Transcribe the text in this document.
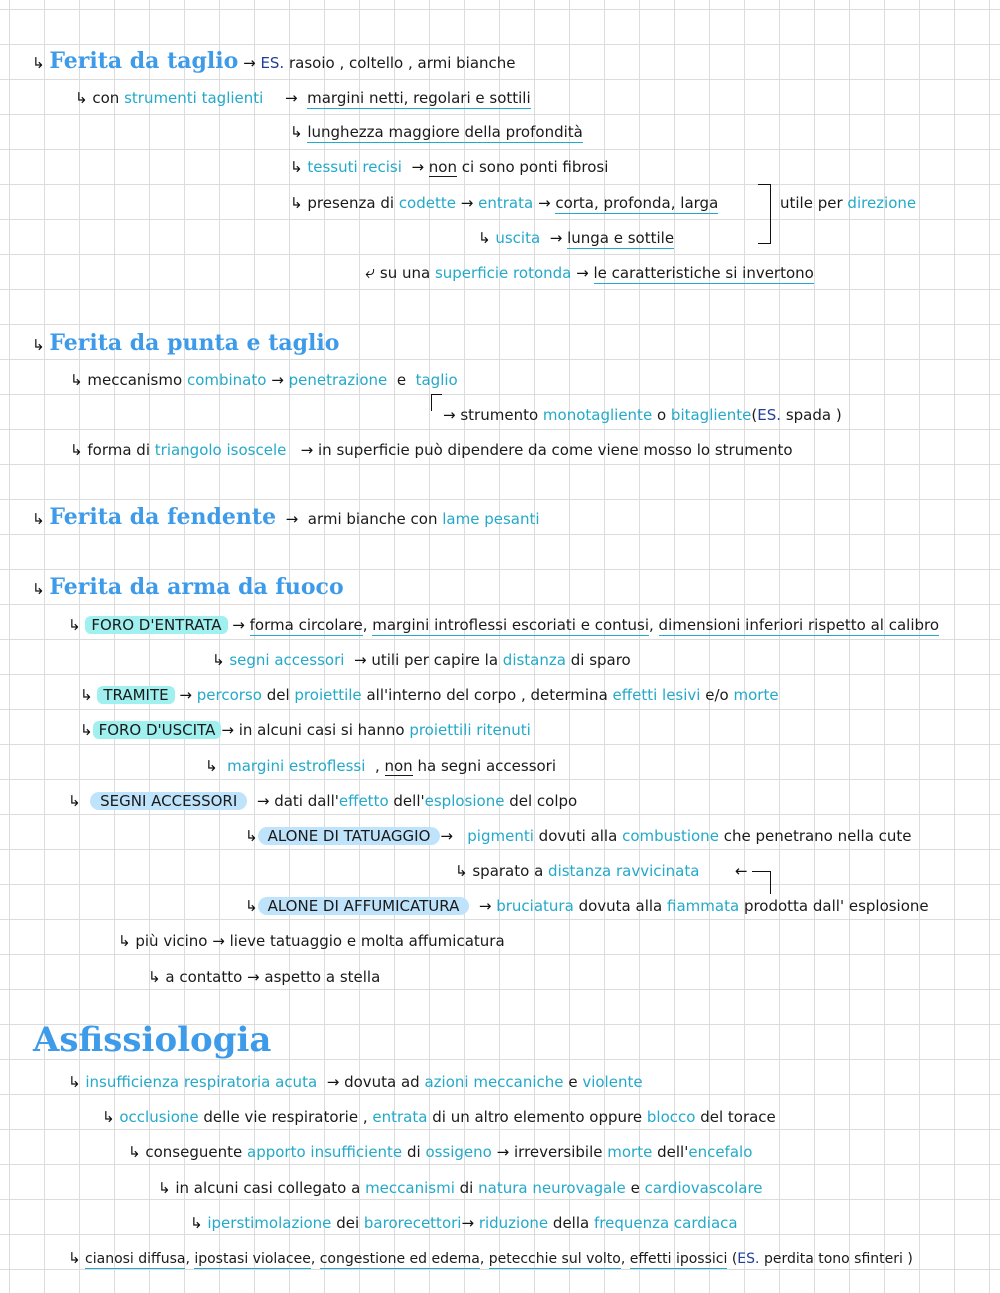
↳ Ferita da taglio → ES. rasoio , coltello , armi bianche
↳ con strumenti taglienti → margini netti, regolari e sottili
↳ lunghezza maggiore della profondità
↳ tessuti recisi → non ci sono ponti fibrosi
↳ presenza di codette → entrata → corta, profonda, larga
↳ uscita → lunga e sottile
utile per direzione
⤶ su una superficie rotonda → le caratteristiche si invertono
↳ Ferita da punta e taglio
↳ meccanismo combinato → penetrazione e taglio
→ strumento monotagliente o bitagliente(ES. spada )
↳ forma di triangolo isoscele → in superficie può dipendere da come viene mosso lo strumento
↳ Ferita da fendente → armi bianche con lame pesanti
↳ Ferita da arma da fuoco
↳ FORO D'ENTRATA → forma circolare, margini introflessi escoriati e contusi, dimensioni inferiori rispetto al calibro
↳ segni accessori → utili per capire la distanza di sparo
↳ TRAMITE → percorso del proiettile all'interno del corpo , determina effetti lesivi e/o morte
↳ FORO D'USCITA → in alcuni casi si hanno proiettili ritenuti
↳ margini estroflessi , non ha segni accessori
↳ SEGNI ACCESSORI → dati dall'effetto dell'esplosione del colpo
↳ ALONE DI TATUAGGIO → pigmenti dovuti alla combustione che penetrano nella cute
↳ sparato a distanza ravvicinata ←
↳ ALONE DI AFFUMICATURA → bruciatura dovuta alla fiammata prodotta dall' esplosione
↳ più vicino → lieve tatuaggio e molta affumicatura
↳ a contatto → aspetto a stella
Asfissiologia
↳ insufficienza respiratoria acuta → dovuta ad azioni meccaniche e violente
↳ occlusione delle vie respiratorie , entrata di un altro elemento oppure blocco del torace
↳ conseguente apporto insufficiente di ossigeno → irreversibile morte dell'encefalo
↳ in alcuni casi collegato a meccanismi di natura neurovagale e cardiovascolare
↳ iperstimolazione dei barorecettori→ riduzione della frequenza cardiaca
↳ cianosi diffusa, ipostasi violacee, congestione ed edema, petecchie sul volto, effetti ipossici (ES. perdita tono sfinteri )
